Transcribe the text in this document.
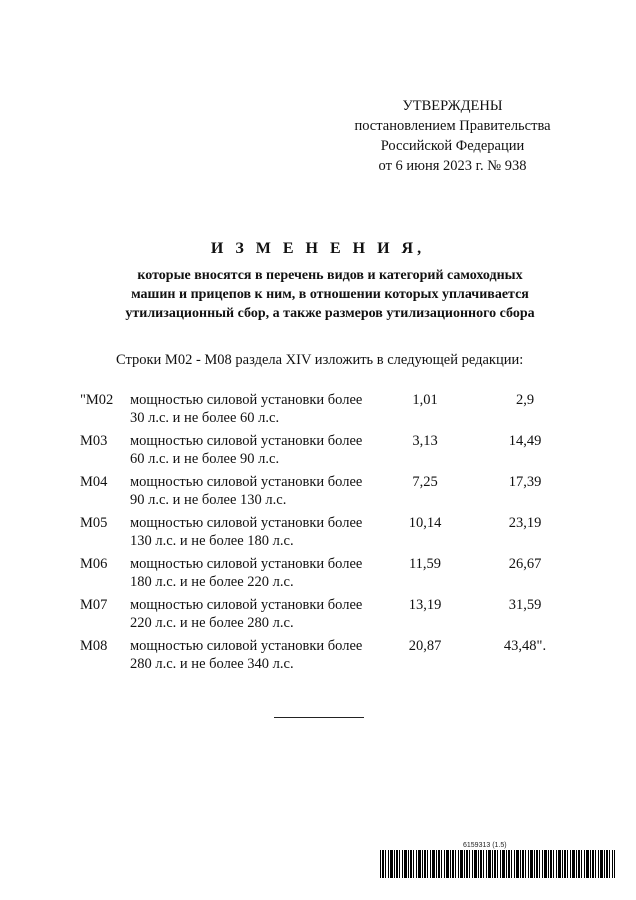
УТВЕРЖДЕНЫ
постановлением Правительства
Российской Федерации
от 6 июня 2023 г. № 938
И З М Е Н Е Н И Я,
которые вносятся в перечень видов и категорий самоходных
машин и прицепов к ним, в отношении которых уплачивается
утилизационный сбор, а также размеров утилизационного сбора
Строки М02 - М08 раздела XIV изложить в следующей редакции:
"М02 мощностью силовой установки более
30 л.с. и не более 60 л.с.
1,01	2,9
М03 мощностью силовой установки более
60 л.с. и не более 90 л.с.
3,13	14,49
М04 мощностью силовой установки более
90 л.с. и не более 130 л.с.
7,25	17,39
М05 мощностью силовой установки более
130 л.с. и не более 180 л.с.
10,14	23,19
М06 мощностью силовой установки более
180 л.с. и не более 220 л.с.
11,59	26,67
М07 мощностью силовой установки более
220 л.с. и не более 280 л.с.
13,19	31,59
М08 мощностью силовой установки более
280 л.с. и не более 340 л.с.
20,87	43,48".
6159313 (1.5)
